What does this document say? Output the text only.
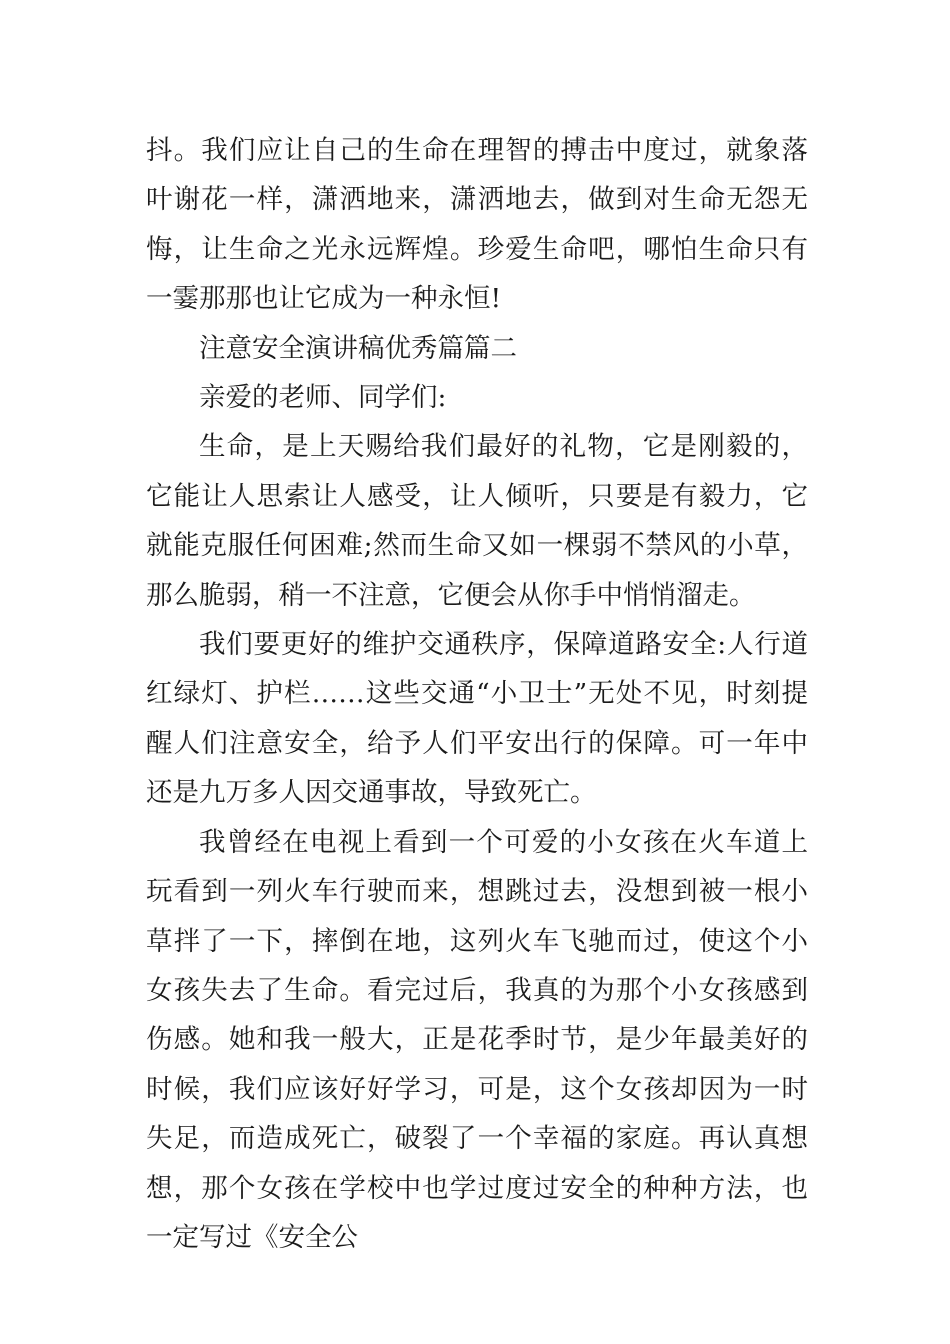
抖。我们应让自己的生命在理智的搏击中度过，就象落叶谢花一样，潇洒地来，潇洒地去，做到对生命无怨无悔，让生命之光永远辉煌。珍爱生命吧，哪怕生命只有一霎那那也让它成为一种永恒!

注意安全演讲稿优秀篇篇二

亲爱的老师、同学们:

生命，是上天赐给我们最好的礼物，它是刚毅的，它能让人思索让人感受，让人倾听，只要是有毅力，它就能克服任何困难;然而生命又如一棵弱不禁风的小草，那么脆弱，稍一不注意，它便会从你手中悄悄溜走。

我们要更好的维护交通秩序，保障道路安全:人行道红绿灯、护栏……这些交通“小卫士”无处不见，时刻提醒人们注意安全，给予人们平安出行的保障。可一年中还是九万多人因交通事故，导致死亡。

我曾经在电视上看到一个可爱的小女孩在火车道上玩看到一列火车行驶而来，想跳过去，没想到被一根小草拌了一下，摔倒在地，这列火车飞驰而过，使这个小女孩失去了生命。看完过后，我真的为那个小女孩感到伤感。她和我一般大，正是花季时节，是少年最美好的时候，我们应该好好学习，可是，这个女孩却因为一时失足，而造成死亡，破裂了一个幸福的家庭。再认真想想，那个女孩在学校中也学过度过安全的种种方法，也一定写过《安全公
